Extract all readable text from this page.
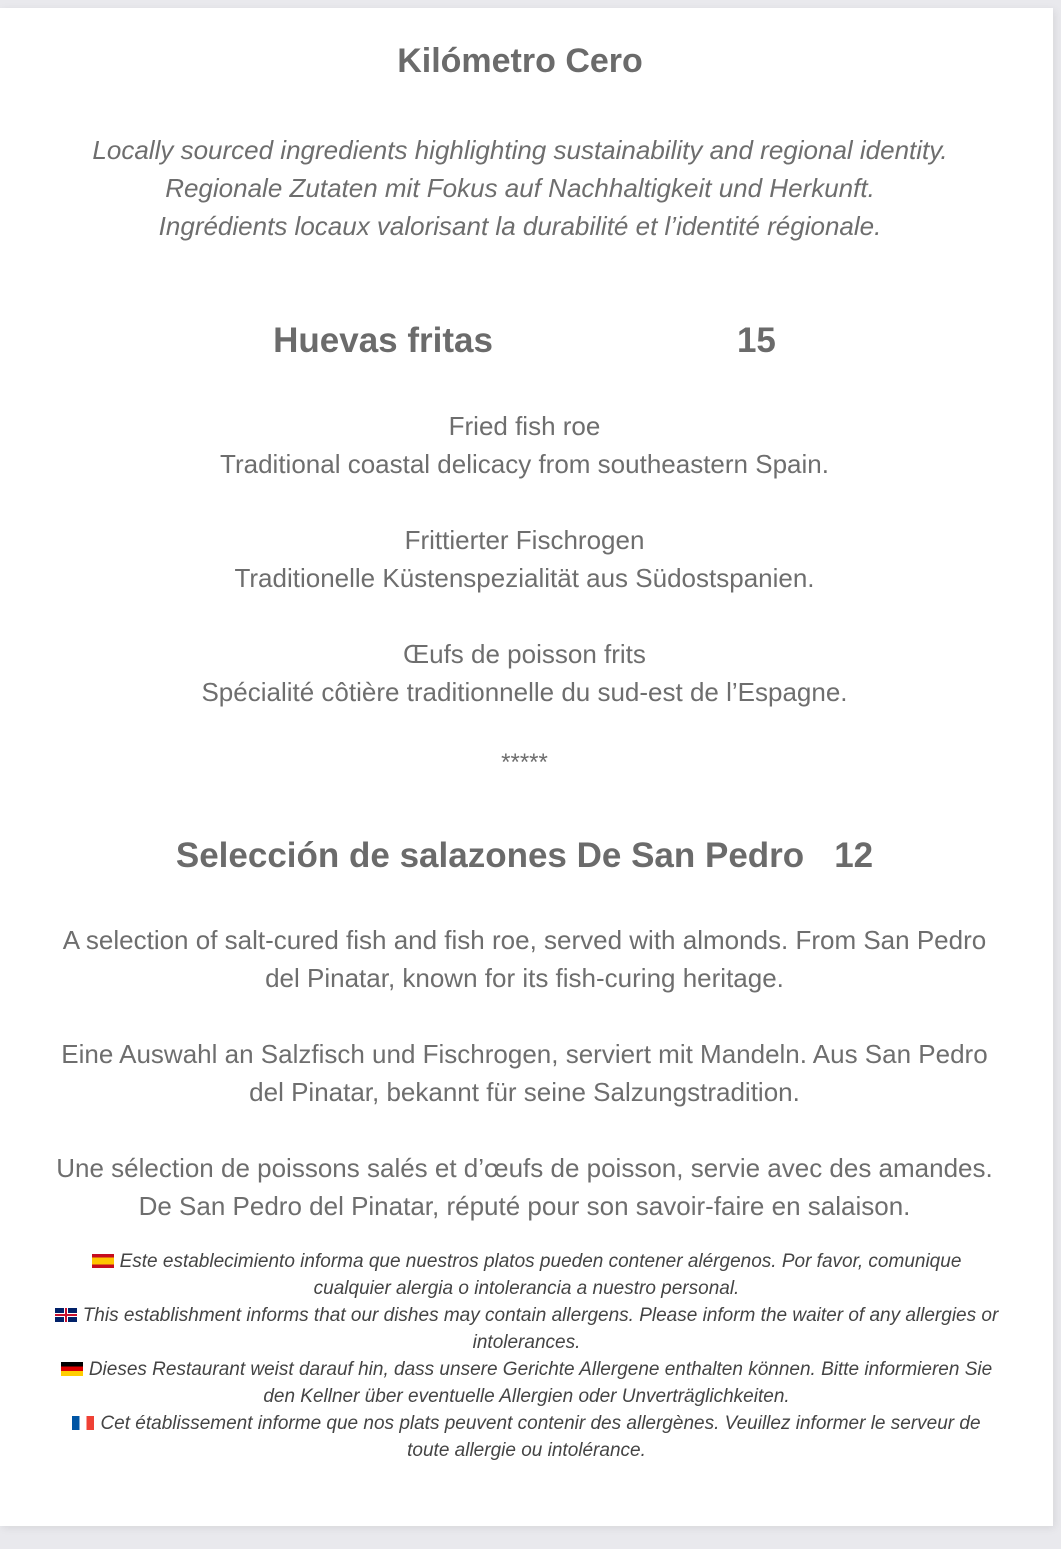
Kilómetro Cero
Locally sourced ingredients highlighting sustainability and regional identity.
Regionale Zutaten mit Fokus auf Nachhaltigkeit und Herkunft.
Ingrédients locaux valorisant la durabilité et l’identité régionale.
Huevas fritas	15
Fried fish roe
Traditional coastal delicacy from southeastern Spain.
Frittierter Fischrogen
Traditionelle Küstenspezialität aus Südostspanien.
Œufs de poisson frits
Spécialité côtière traditionnelle du sud-est de l’Espagne.
*****
Selección de salazones De San Pedro 12
A selection of salt-cured fish and fish roe, served with almonds. From San Pedro
del Pinatar, known for its fish-curing heritage.
Eine Auswahl an Salzfisch und Fischrogen, serviert mit Mandeln. Aus San Pedro
del Pinatar, bekannt für seine Salzungstradition.
Une sélection de poissons salés et d’œufs de poisson, servie avec des amandes.
De San Pedro del Pinatar, réputé pour son savoir-faire en salaison.
Este establecimiento informa que nuestros platos pueden contener alérgenos. Por favor, comunique
cualquier alergia o intolerancia a nuestro personal.
This establishment informs that our dishes may contain allergens. Please inform the waiter of any allergies or
intolerances.
Dieses Restaurant weist darauf hin, dass unsere Gerichte Allergene enthalten können. Bitte informieren Sie
den Kellner über eventuelle Allergien oder Unverträglichkeiten.
Cet établissement informe que nos plats peuvent contenir des allergènes. Veuillez informer le serveur de
toute allergie ou intolérance.
